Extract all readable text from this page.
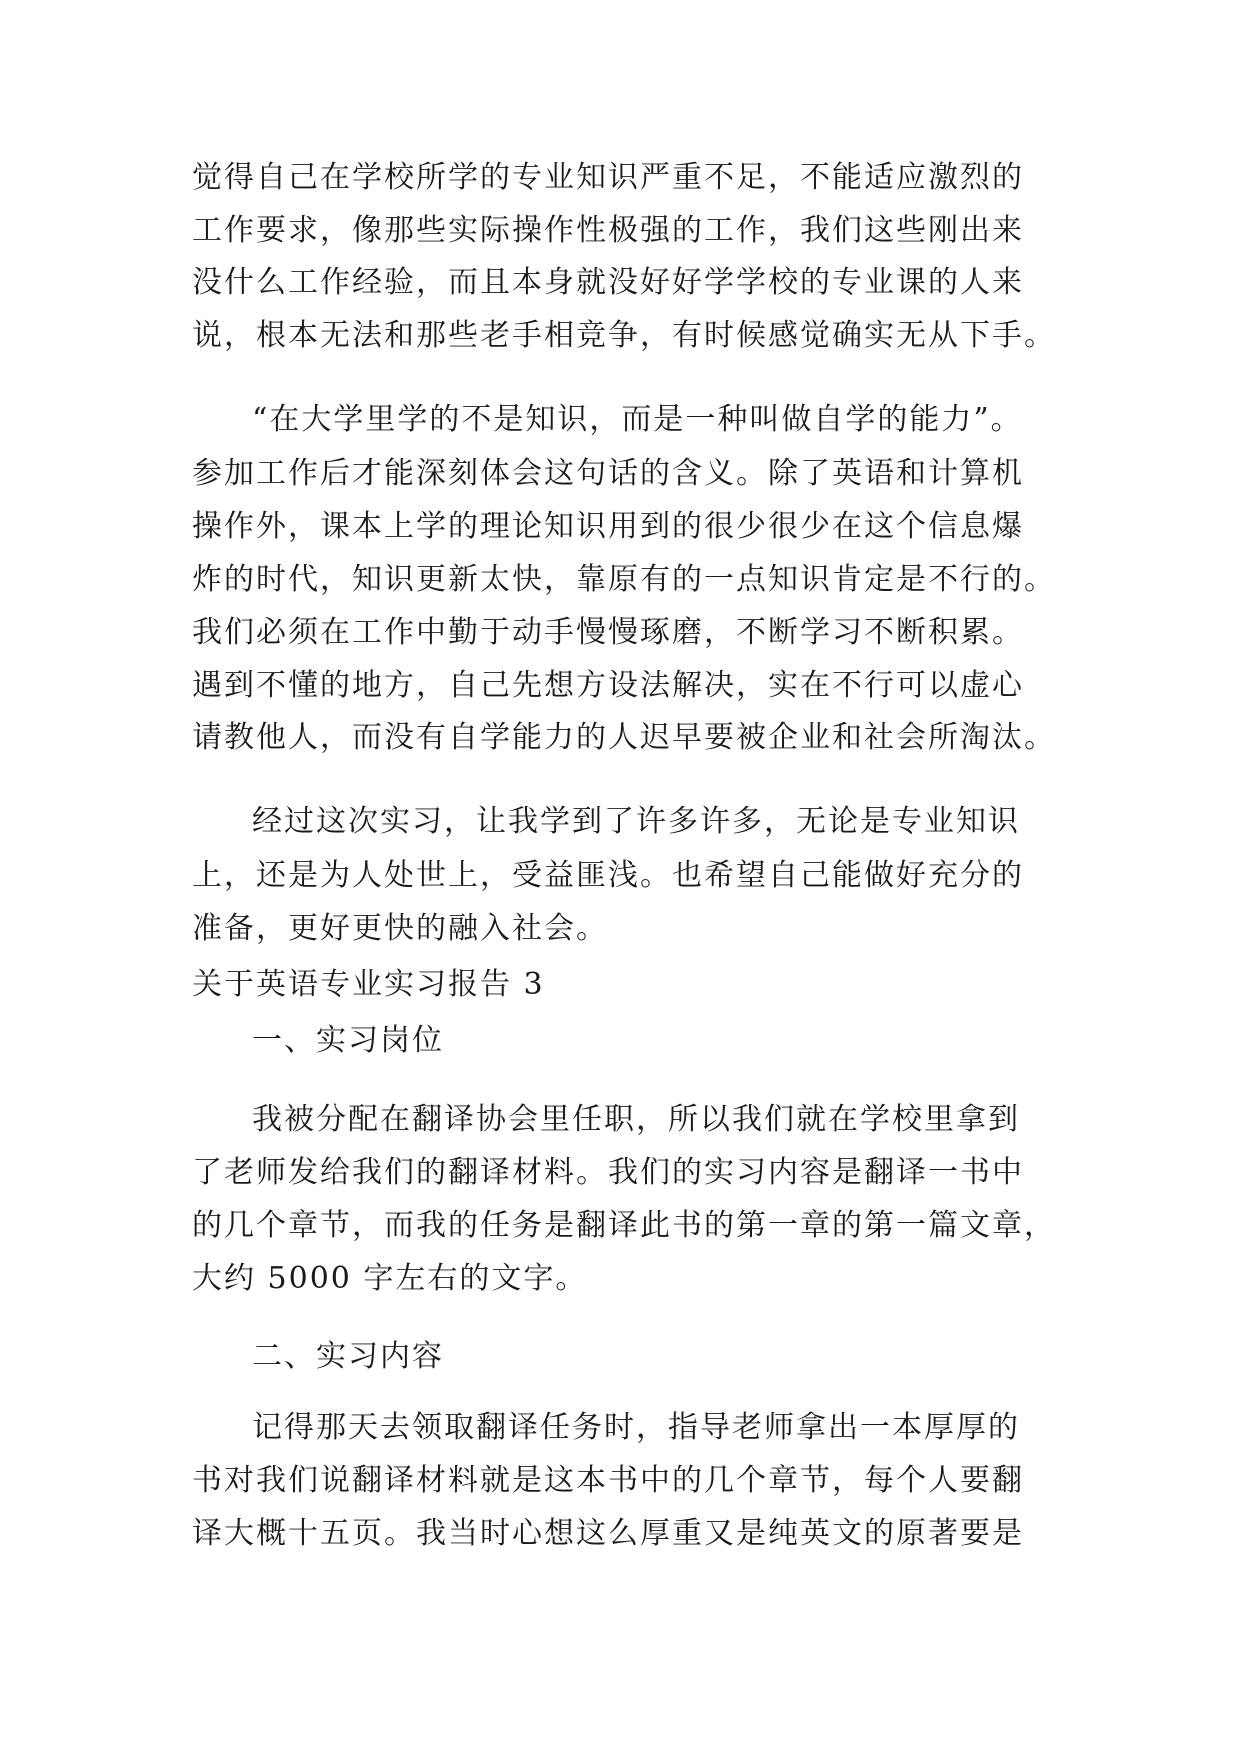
觉得自己在学校所学的专业知识严重不足，不能适应激烈的
工作要求，像那些实际操作性极强的工作，我们这些刚出来
没什么工作经验，而且本身就没好好学学校的专业课的人来
说，根本无法和那些老手相竞争，有时候感觉确实无从下手。
“在大学里学的不是知识，而是一种叫做自学的能力”。
参加工作后才能深刻体会这句话的含义。除了英语和计算机
操作外，课本上学的理论知识用到的很少很少在这个信息爆
炸的时代，知识更新太快，靠原有的一点知识肯定是不行的。
我们必须在工作中勤于动手慢慢琢磨，不断学习不断积累。
遇到不懂的地方，自己先想方设法解决，实在不行可以虚心
请教他人，而没有自学能力的人迟早要被企业和社会所淘汰。
经过这次实习，让我学到了许多许多，无论是专业知识
上，还是为人处世上，受益匪浅。也希望自己能做好充分的
准备，更好更快的融入社会。
关于英语专业实习报告 3
一、实习岗位
我被分配在翻译协会里任职，所以我们就在学校里拿到
了老师发给我们的翻译材料。我们的实习内容是翻译一书中
的几个章节，而我的任务是翻译此书的第一章的第一篇文章，
大约 5000 字左右的文字。
二、实习内容
记得那天去领取翻译任务时，指导老师拿出一本厚厚的
书对我们说翻译材料就是这本书中的几个章节，每个人要翻
译大概十五页。我当时心想这么厚重又是纯英文的原著要是
